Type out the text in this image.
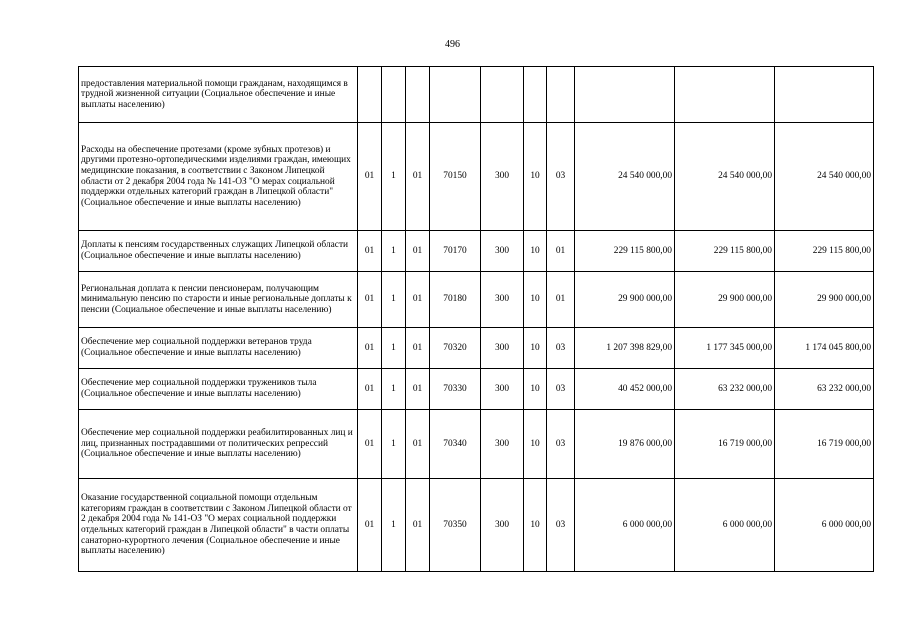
496
предоставления материальной помощи гражданам, находящимся в трудной жизненной ситуации (Социальное обеспечение и иные выплаты населению)										
Расходы на обеспечение протезами (кроме зубных протезов) и другими протезно-ортопедическими изделиями граждан, имеющих медицинские показания, в соответствии с Законом Липецкой области от 2 декабря 2004 года № 141-ОЗ "О мерах социальной поддержки отдельных категорий граждан в Липецкой области" (Социальное обеспечение и иные выплаты населению)	01	1	01	70150	300	10	03	24 540 000,00	24 540 000,00	24 540 000,00
Доплаты к пенсиям государственных служащих Липецкой области (Социальное обеспечение и иные выплаты населению)	01	1	01	70170	300	10	01	229 115 800,00	229 115 800,00	229 115 800,00
Региональная доплата к пенсии пенсионерам, получающим минимальную пенсию по старости и иные региональные доплаты к пенсии (Социальное обеспечение и иные выплаты населению)	01	1	01	70180	300	10	01	29 900 000,00	29 900 000,00	29 900 000,00
Обеспечение мер социальной поддержки ветеранов труда (Социальное обеспечение и иные выплаты населению)	01	1	01	70320	300	10	03	1 207 398 829,00	1 177 345 000,00	1 174 045 800,00
Обеспечение мер социальной поддержки тружеников тыла (Социальное обеспечение и иные выплаты населению)	01	1	01	70330	300	10	03	40 452 000,00	63 232 000,00	63 232 000,00
Обеспечение мер социальной поддержки реабилитированных лиц и лиц, признанных пострадавшими от политических репрессий (Социальное обеспечение и иные выплаты населению)	01	1	01	70340	300	10	03	19 876 000,00	16 719 000,00	16 719 000,00
Оказание государственной социальной помощи отдельным категориям граждан в соответствии с Законом Липецкой области от 2 декабря 2004 года № 141-ОЗ "О мерах социальной поддержки отдельных категорий граждан в Липецкой области" в части оплаты санаторно-курортного лечения (Социальное обеспечение и иные выплаты населению)	01	1	01	70350	300	10	03	6 000 000,00	6 000 000,00	6 000 000,00
